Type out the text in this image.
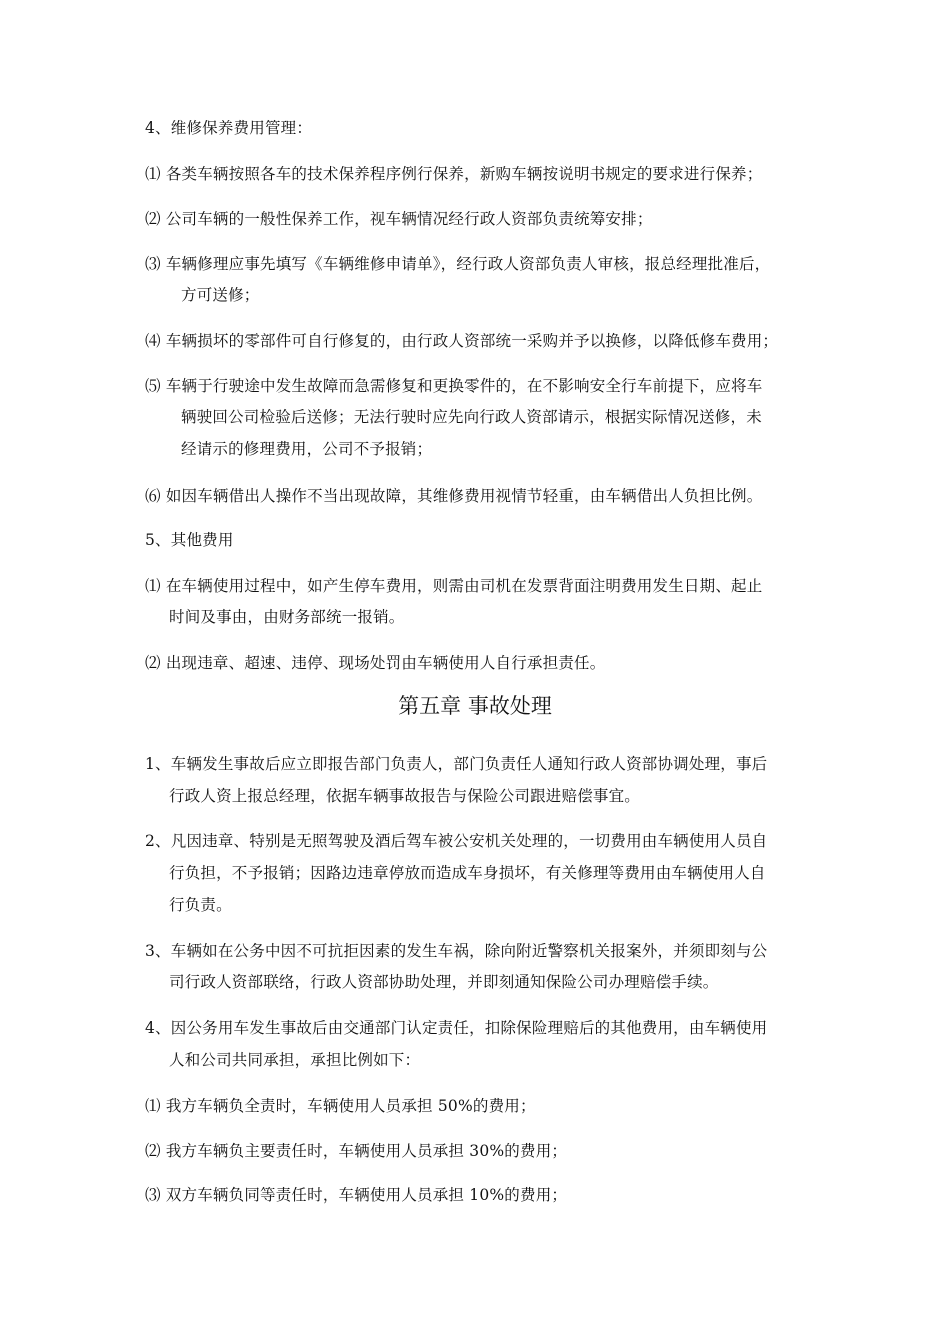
4、维修保养费用管理：
⑴ 各类车辆按照各车的技术保养程序例行保养，新购车辆按说明书规定的要求进行保养；
⑵ 公司车辆的一般性保养工作，视车辆情况经行政人资部负责统筹安排；
⑶ 车辆修理应事先填写《车辆维修申请单》，经行政人资部负责人审核，报总经理批准后，
方可送修；
⑷ 车辆损坏的零部件可自行修复的，由行政人资部统一采购并予以换修，以降低修车费用；
⑸ 车辆于行驶途中发生故障而急需修复和更换零件的，在不影响安全行车前提下，应将车
辆驶回公司检验后送修；无法行驶时应先向行政人资部请示，根据实际情况送修，未
经请示的修理费用，公司不予报销；
⑹ 如因车辆借出人操作不当出现故障，其维修费用视情节轻重，由车辆借出人负担比例。
5、其他费用
⑴ 在车辆使用过程中，如产生停车费用，则需由司机在发票背面注明费用发生日期、起止
时间及事由，由财务部统一报销。
⑵ 出现违章、超速、违停、现场处罚由车辆使用人自行承担责任。
第五章 事故处理
1、车辆发生事故后应立即报告部门负责人，部门负责任人通知行政人资部协调处理，事后
行政人资上报总经理，依据车辆事故报告与保险公司跟进赔偿事宜。
2、凡因违章、特别是无照驾驶及酒后驾车被公安机关处理的，一切费用由车辆使用人员自
行负担，不予报销；因路边违章停放而造成车身损坏，有关修理等费用由车辆使用人自
行负责。
3、车辆如在公务中因不可抗拒因素的发生车祸，除向附近警察机关报案外，并须即刻与公
司行政人资部联络，行政人资部协助处理，并即刻通知保险公司办理赔偿手续。
4、因公务用车发生事故后由交通部门认定责任，扣除保险理赔后的其他费用，由车辆使用
人和公司共同承担，承担比例如下：
⑴ 我方车辆负全责时，车辆使用人员承担 50%的费用；
⑵ 我方车辆负主要责任时，车辆使用人员承担 30%的费用；
⑶ 双方车辆负同等责任时，车辆使用人员承担 10%的费用；
